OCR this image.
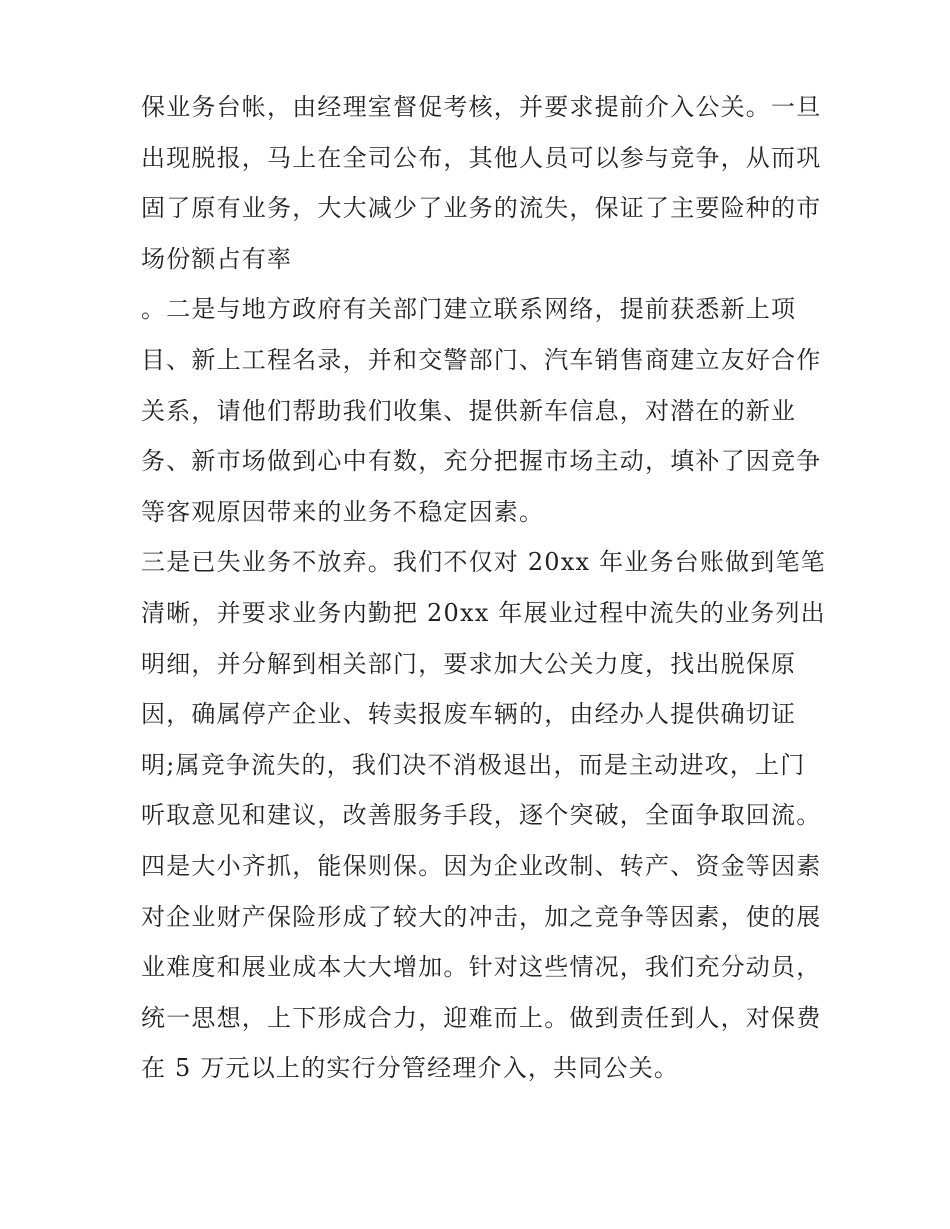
保业务台帐，由经理室督促考核，并要求提前介入公关。一旦
出现脱报，马上在全司公布，其他人员可以参与竞争，从而巩
固了原有业务，大大减少了业务的流失，保证了主要险种的市
场份额占有率
。二是与地方政府有关部门建立联系网络，提前获悉新上项
目、新上工程名录，并和交警部门、汽车销售商建立友好合作
关系，请他们帮助我们收集、提供新车信息，对潜在的新业
务、新市场做到心中有数，充分把握市场主动，填补了因竞争
等客观原因带来的业务不稳定因素。
三是已失业务不放弃。我们不仅对 20xx 年业务台账做到笔笔
清晰，并要求业务内勤把 20xx 年展业过程中流失的业务列出
明细，并分解到相关部门，要求加大公关力度，找出脱保原
因，确属停产企业、转卖报废车辆的，由经办人提供确切证
明;属竞争流失的，我们决不消极退出，而是主动进攻，上门
听取意见和建议，改善服务手段，逐个突破，全面争取回流。
四是大小齐抓，能保则保。因为企业改制、转产、资金等因素
对企业财产保险形成了较大的冲击，加之竞争等因素，使的展
业难度和展业成本大大增加。针对这些情况，我们充分动员，
统一思想，上下形成合力，迎难而上。做到责任到人，对保费
在 5 万元以上的实行分管经理介入，共同公关。
